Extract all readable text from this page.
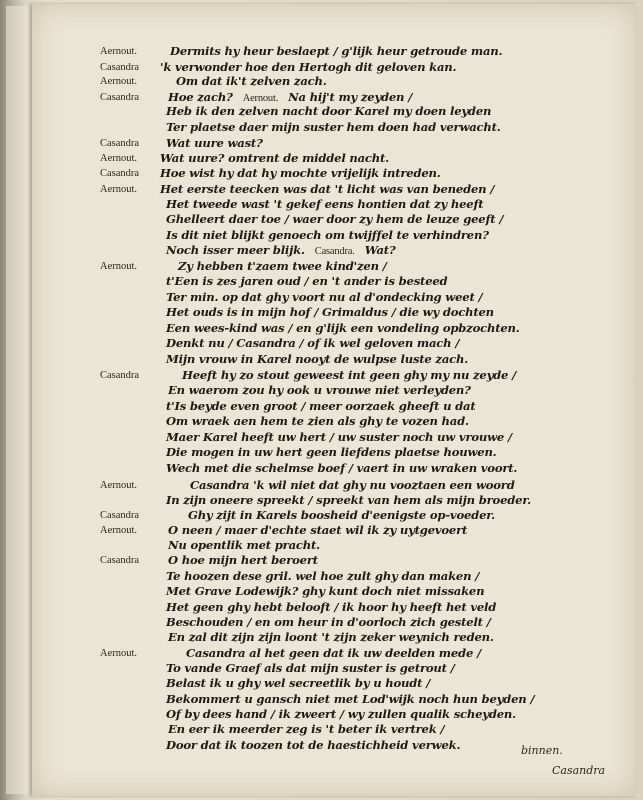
Aernout.	Dermits hy heur beslaept / g'lijk heur getroude man.
Casandra 'k verwonder hoe den Hertogh dit geloven kan.
Aernout.	Om dat ik't zelven zach.
Casandra Hoe zach? Aernout. Na hij't my zeyden /
Heb ik den zelven nacht door Karel my doen leyden
Ter plaetse daer mijn suster hem doen had verwacht.
Casandra Wat uure wast?
Aernout. Wat uure? omtrent de middel nacht.
Casandra Hoe wist hy dat hy mochte vrijelijk intreden.
Aernout. Het eerste teecken was dat 't licht was van beneden /
Het tweede wast 't gekef eens hontien dat zy heeft
Ghelleert daer toe / waer door zy hem de leuze geeft /
Is dit niet blijkt genoech om twijffel te verhindren?
Noch isser meer blijk. Casandra. Wat?
Aernout.	Zy hebben t'zaem twee kind'zen /
t'Een is zes jaren oud / en 't ander is besteed
Ter min. op dat ghy voort nu al d'ondecking weet /
Het ouds is in mijn hof / Grimaldus / die wy dochten
Een wees-kind was / en g'lijk een vondeling opbzochten.
Denkt nu / Casandra / of ik wel geloven mach /
Mijn vrouw in Karel nooyt de wulpse luste zach.
Casandra	Heeft hy zo stout geweest int geen ghy my nu zeyde /
En waerom zou hy ook u vrouwe niet verleyden?
t'Is beyde even groot / meer oorzaek gheeft u dat
Om wraek aen hem te zien als ghy te vozen had.
Maer Karel heeft uw hert / uw suster noch uw vrouwe /
Die mogen in uw hert geen liefdens plaetse houwen.
Wech met die schelmse boef / vaert in uw wraken voort.
Aernout.	Casandra 'k wil niet dat ghy nu vooztaen een woord
In zijn oneere spreekt / spreekt van hem als mijn broeder.
Casandra	Ghy zijt in Karels boosheid d'eenigste op-voeder.
Aernout.	O neen / maer d'echte staet wil ik zy uytgevoert
Nu opentlik met pracht.
Casandra O hoe mijn hert beroert
Te hoozen dese gril. wel hoe zult ghy dan maken /
Met Grave Lodewijk? ghy kunt doch niet missaken
Het geen ghy hebt belooft / ik hoor hy heeft het veld
Beschouden / en om heur in d'oorloch zich gestelt /
En zal dit zijn zijn loont 't zijn zeker weynich reden.
Aernout.	Casandra al het geen dat ik uw deelden mede /
To vande Graef als dat mijn suster is getrout /
Belast ik u ghy wel secreetlik by u houdt /
Bekommert u gansch niet met Lod'wijk noch hun beyden /
Of by dees hand / ik zweert / wy zullen qualik scheyden.
En eer ik meerder zeg is 't beter ik vertrek /
Door dat ik toozen tot de haestichheid verwek.	binnen.
Casandra
